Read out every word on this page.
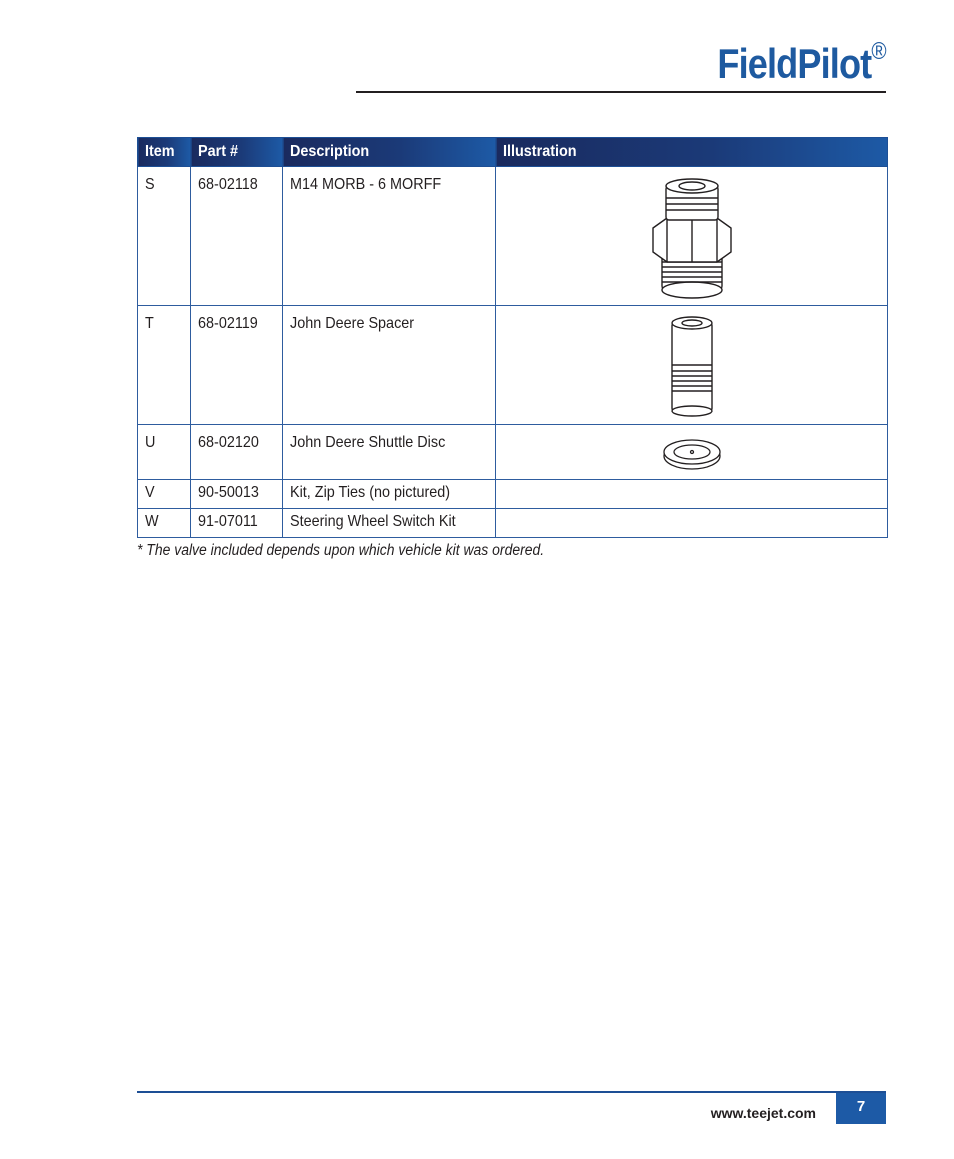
FieldPilot®
Item	Part #	Description	Illustration
S	68-02118	M14 MORB - 6 MORFF	
T	68-02119	John Deere Spacer	
U	68-02120	John Deere Shuttle Disc	
V	90-50013	Kit, Zip Ties (no pictured)	
W	91-07011	Steering Wheel Switch Kit	
* The valve included depends upon which vehicle kit was ordered.
www.teejet.com	7
